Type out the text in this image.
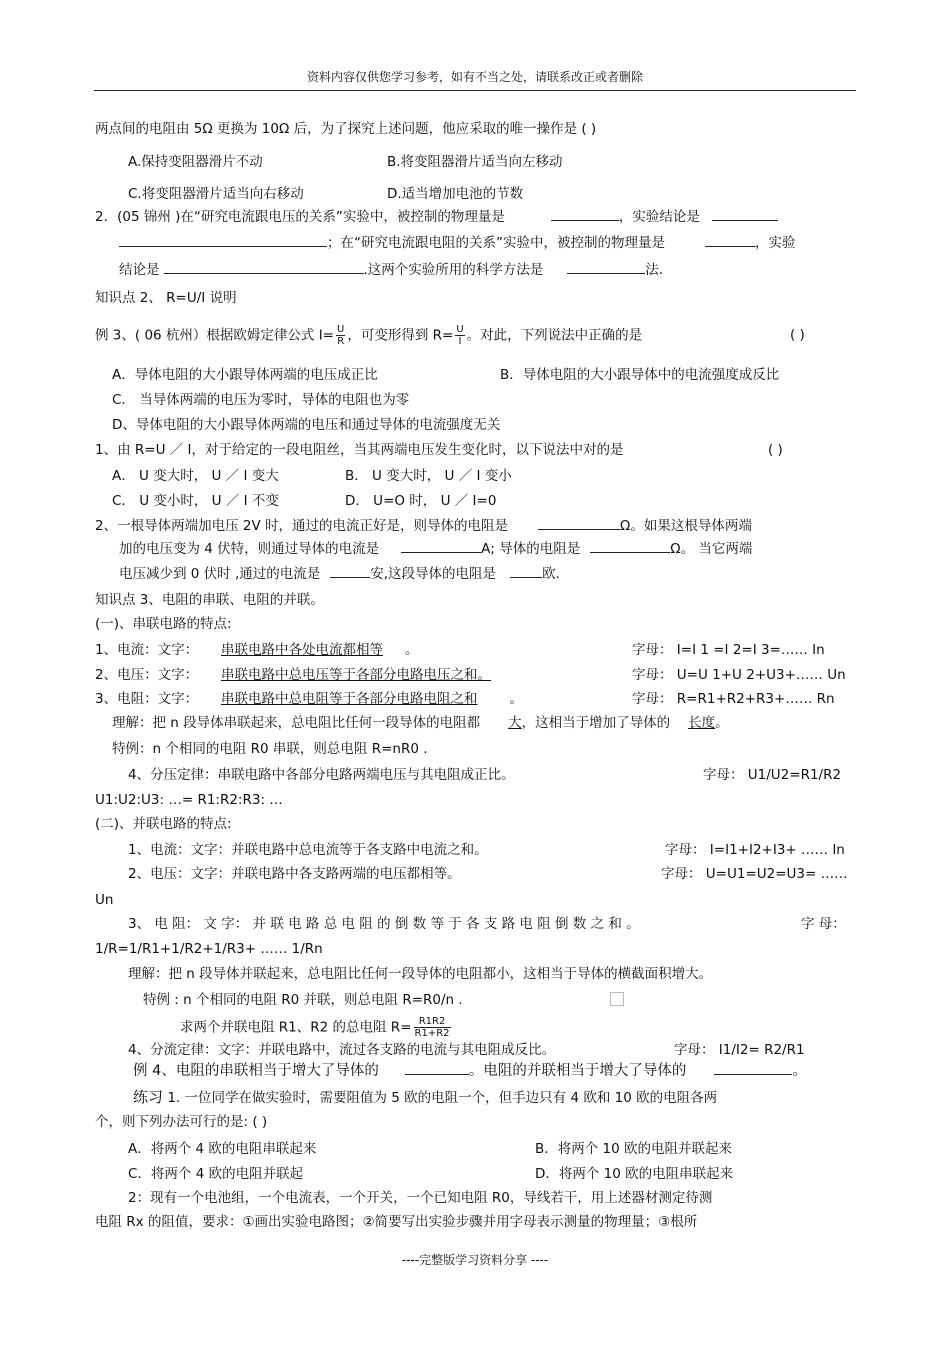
资料内容仅供您学习参考，如有不当之处，请联系改正或者删除
两点间的电阻由 5Ω 更换为 10Ω 后，为了探究上述问题，他应采取的唯一操作是 ( )
A.保持变阻器滑片不动	B.将变阻器滑片适当向左移动
C.将变阻器滑片适当向右移动	D.适当增加电池的节数
2．(05 锦州 )在“研究电流跟电压的关系”实验中，被控制的物理量是	，实验结论是
；在“研究电流跟电阻的关系”实验中，被控制的物理量是	，实验
结论是	.这两个实验所用的科学方法是	法.
知识点 2、 R=U/I 说明
例 3、( 06 杭州）根据欧姆定律公式 $I= \frac{U}{R}$ ，可变形得到 $R= \frac{U}{I}$ 。对此，下列说法中正确的是	( )
A．导体电阻的大小跟导体两端的电压成正比	B．导体电阻的大小跟导体中的电流强度成反比
C． 当导体两端的电压为零时，导体的电阻也为零
D、导体电阻的大小跟导体两端的电压和通过导体的电流强度无关
1、由 R=U ／ I，对于给定的一段电阻丝，当其两端电压发生变化时，以下说法中对的是	( )
A． U 变大时， U ／ I 变大	B． U 变大时， U ／ I 变小
C． U 变小时， U ／ I 不变	D． U=O 时， U ／ I=0
2、一根导体两端加电压 2V 时，通过的电流正好是，则导体的电阻是	Ω。如果这根导体两端
加的电压变为 4 伏特，则通过导体的电流是	A; 导体的电阻是	Ω。 当它两端
电压减少到 0 伏时 ,通过的电流是	安,这段导体的电阻是	欧.
知识点 3、电阻的串联、电阻的并联。
(一)、串联电路的特点:
1、电流：文字： 串联电路中各处电流都相等 。	字母： I=I 1 =I 2=I 3=…… In
2、电压：文字： 串联电路中总电压等于各部分电路电压之和。	字母： U=U 1+U 2+U3+…… Un
3、电阻：文字： 串联电路中总电阻等于各部分电路电阻之和 。	字母： R=R1+R2+R3+…… Rn
理解：把 n 段导体串联起来，总电阻比任何一段导体的电阻都 大，这相当于增加了导体的 长度。
特例：n 个相同的电阻 R0 串联，则总电阻 R=nR0 .
4、分压定律：串联电路中各部分电路两端电压与其电阻成正比。	字母： U1/U2=R1/R2
U1:U2:U3: …= R1:R2:R3: …
(二)、并联电路的特点:
1、电流：文字：并联电路中总电流等于各支路中电流之和。	字母： I=I1+I2+I3+ …… In
2、电压：文字：并联电路中各支路两端的电压都相等。	字母： U=U1=U2=U3= ……
Un
3、 电 阻： 文 字： 并 联 电 路 总 电 阻 的 倒 数 等 于 各 支 路 电 阻 倒 数 之 和 。	字 母：
1/R=1/R1+1/R2+1/R3+ …… 1/Rn
理解：把 n 段导体并联起来，总电阻比任何一段导体的电阻都小，这相当于导体的横截面积增大。
特例 : n 个相同的电阻 R0 并联，则总电阻 R=R0/n .
求两个并联电阻 R1、R2 的总电阻 $R= \frac{R1R2}{R1+R2}$
4、分流定律：文字：并联电路中，流过各支路的电流与其电阻成反比。	字母： I1/I2= R2/R1
例 4、电阻的串联相当于增大了导体的	。电阻的并联相当于增大了导体的	。
练习 1. 一位同学在做实验时，需要阻值为 5 欧的电阻一个，但手边只有 4 欧和 10 欧的电阻各两
个，则下列办法可行的是: ( )
A．将两个 4 欧的电阻串联起来	B．将两个 10 欧的电阻并联起来
C．将两个 4 欧的电阻并联起	D．将两个 10 欧的电阻串联起来
2：现有一个电池组，一个电流表，一个开关，一个已知电阻 R0，导线若干，用上述器材测定待测
电阻 Rx 的阻值，要求：①画出实验电路图；②简要写出实验步骤并用字母表示测量的物理量；③根所
----完整版学习资料分享 ----
